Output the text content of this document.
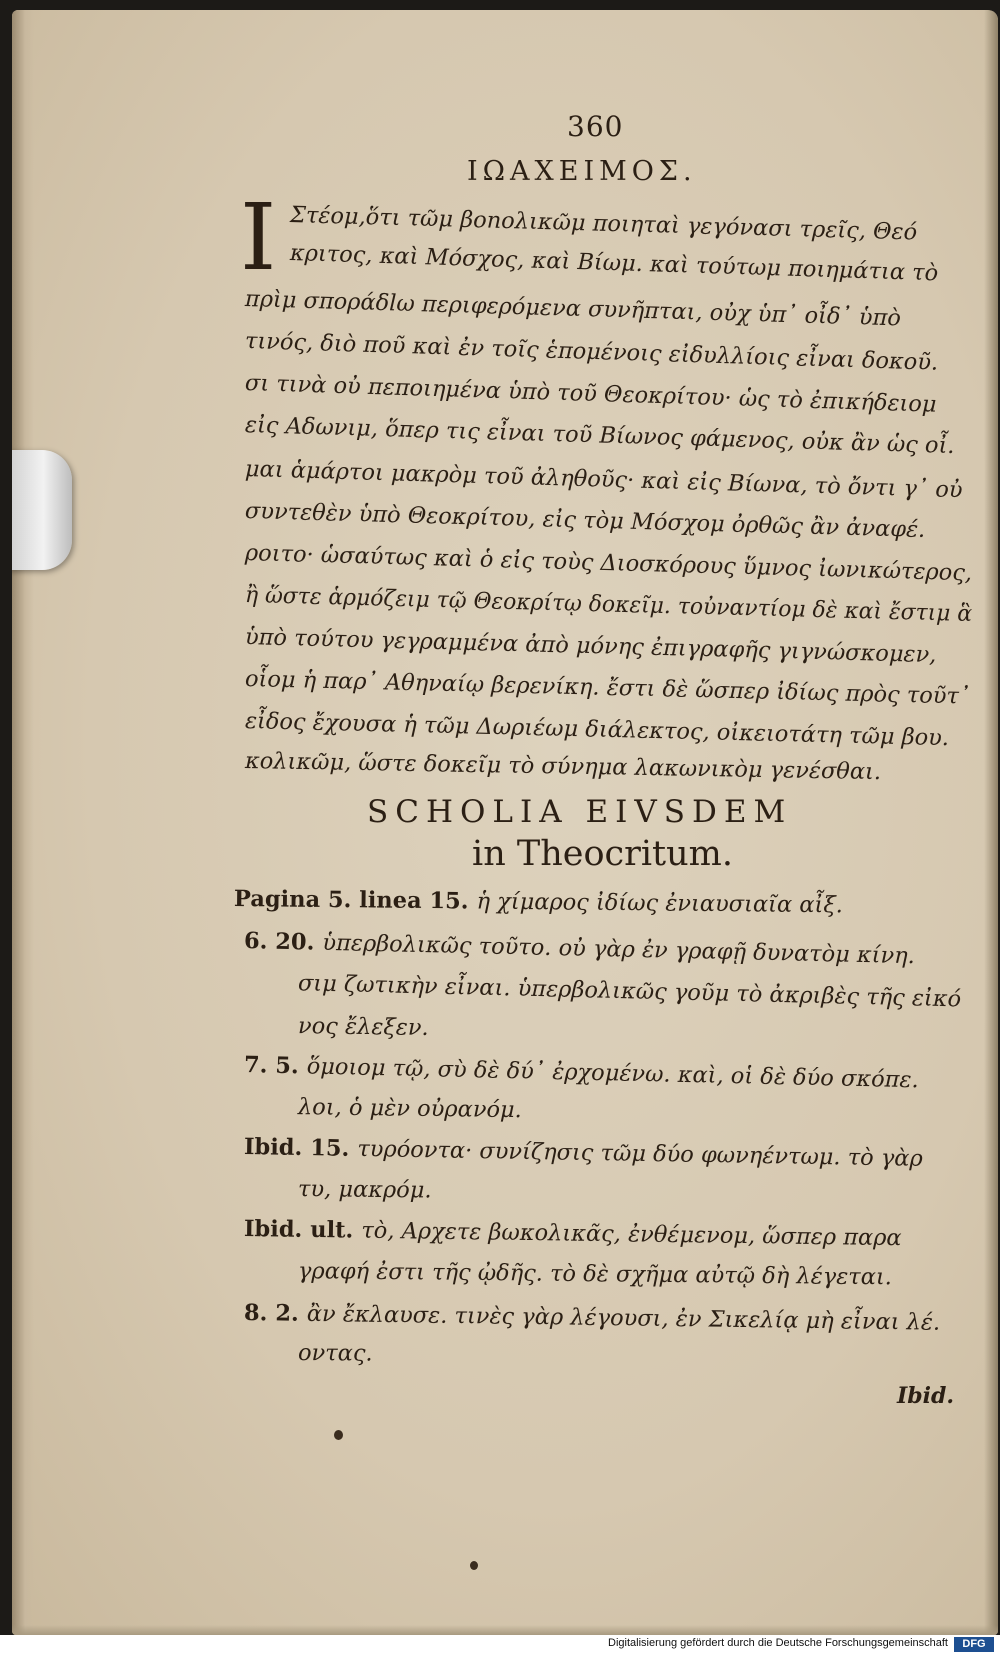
360
ΙΩΑΧΕΙΜΟΣ.
I Στέομ,ὅτι τῶμ βοnολικῶμ ποιηταὶ γεγόνασι τρεῖς, Θεό
κριτος, καὶ Μόσχος, καὶ Βίωμ. καὶ τούτωμ ποιημάτια τὸ
πρὶμ σποράδlω περιφερόμενα συνῆπται, οὐχ ὑπ᾽ οἶδ᾽ ὑπὸ
τινός, διὸ ποῦ καὶ ἐν τοῖς ἑπομένοις εἰδυλλίοις εἶναι δοκοῦ.
σι τινὰ οὐ πεποιημένα ὑπὸ τοῦ Θεοκρίτου· ὡς τὸ ἐπικήδειομ
εἰς Αδωνιμ, ὅπερ τις εἶναι τοῦ Βίωνος φάμενος, οὐκ ἂν ὡς οἶ.
μαι ἁμάρτοι μακρὸμ τοῦ ἀληθοῦς· καὶ εἰς Βίωνα, τὸ ὄντι γ᾽ οὐ
συντεθὲν ὑπὸ Θεοκρίτου, εἰς τὸμ Μόσχομ ὀρθῶς ἂν ἀναφέ.
ροιτο· ὡσαύτως καὶ ὁ εἰς τοὺς Διοσκόρους ὕμνος ἰωνικώτερος,
ἢ ὥστε ἁρμόζειμ τῷ Θεοκρίτῳ δοκεῖμ. τοὐναντίομ δὲ καὶ ἔστιμ ἃ
ὑπὸ τούτου γεγραμμένα ἀπὸ μόνης ἐπιγραφῆς γιγνώσκομεν,
οἷομ ἡ παρ᾽ Αθηναίῳ βερενίκη. ἔστι δὲ ὥσπερ ἰδίως πρὸς τοῦτ᾽
εἶδος ἔχουσα ἡ τῶμ Δωριέωμ διάλεκτος, οἰκειοτάτη τῶμ βου.
κολικῶμ, ὥστε δοκεῖμ τὸ σύνημα λακωνικὸμ γενέσθαι.
SCHOLIA EIVSDEM
in Theocritum.
Pagina 5. linea 15. ἡ χίμαρος ἰδίως ἐνιαυσιαῖα αἶξ.
6. 20. ὑπερβολικῶς τοῦτο. οὐ γὰρ ἐν γραφῇ δυνατὸμ κίνη.
σιμ ζωτικὴν εἶναι. ὑπερβολικῶς γοῦμ τὸ ἀκριβὲς τῆς εἰκό
νος ἔλεξεν.
7. 5. ὅμοιομ τῷ, σὺ δὲ δύ᾽ ἐρχομένω. καὶ, οἱ δὲ δύο σκόπε.
λοι, ὁ μὲν οὐρανόμ.
Ibid. 15. τυρόοντα· συνίζησις τῶμ δύο φωνηέντωμ. τὸ γὰρ
τυ, μακρόμ.
Ibid. ult. τὸ, Αρχετε βωκολικᾶς, ἐνθέμενομ, ὥσπερ παρα
γραφή ἐστι τῆς ᾠδῆς. τὸ δὲ σχῆμα αὐτῷ δὴ λέγεται.
8. 2. ἂν ἔκλαυσε. τινὲς γὰρ λέγουσι, ἐν Σικελίᾳ μὴ εἶναι λέ.
οντας.
Ibid.
Digitalisierung gefördert durch die Deutsche Forschungsgemeinschaft	DFG
